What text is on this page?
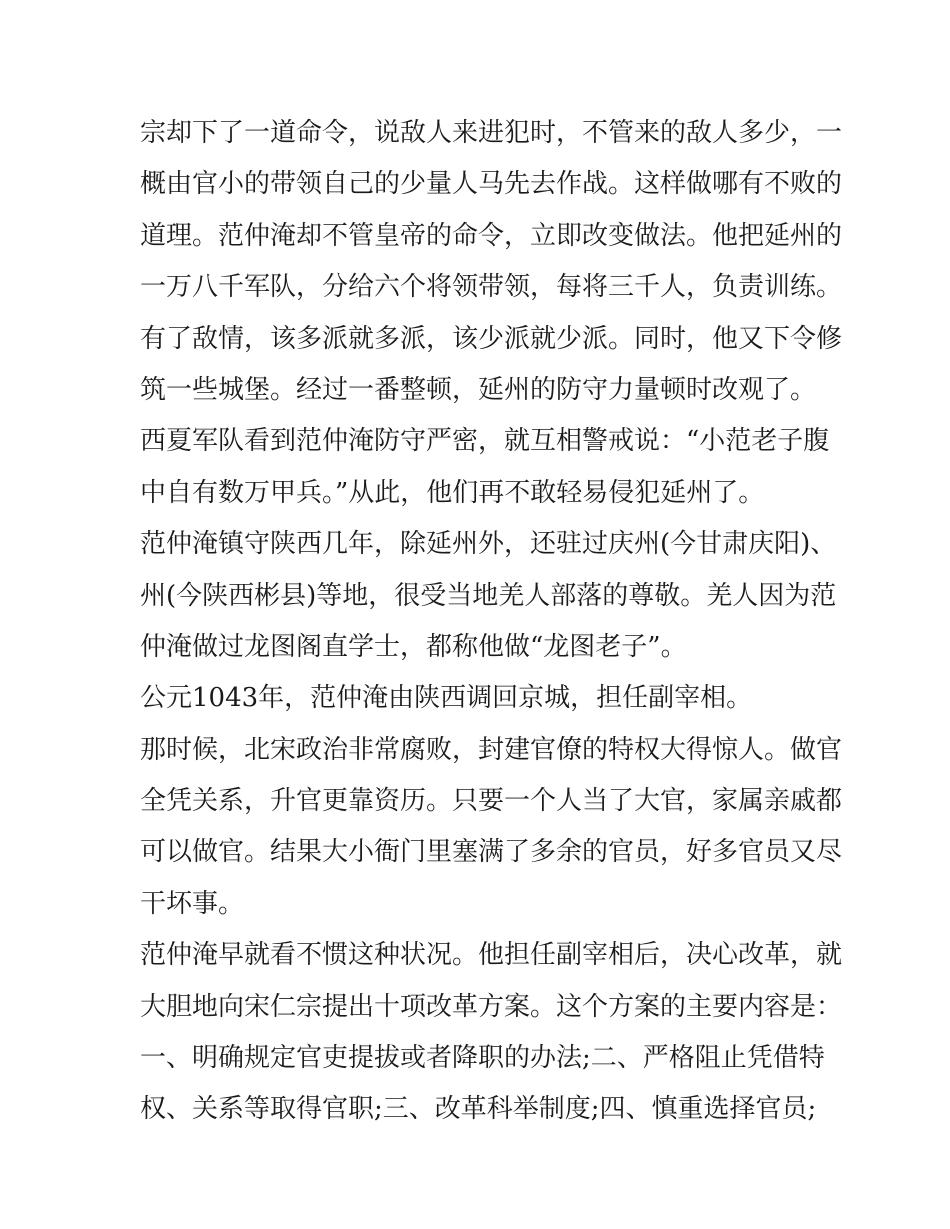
宗却下了一道命令，说敌人来进犯时，不管来的敌人多少，一
概由官小的带领自己的少量人马先去作战。这样做哪有不败的
道理。范仲淹却不管皇帝的命令，立即改变做法。他把延州的
一万八千军队，分给六个将领带领，每将三千人，负责训练。
有了敌情，该多派就多派，该少派就少派。同时，他又下令修
筑一些城堡。经过一番整顿，延州的防守力量顿时改观了。
西夏军队看到范仲淹防守严密，就互相警戒说：“小范老子腹
中自有数万甲兵。”从此，他们再不敢轻易侵犯延州了。
范仲淹镇守陕西几年，除延州外，还驻过庆州(今甘肃庆阳)、
州(今陕西彬县)等地，很受当地羌人部落的尊敬。羌人因为范
仲淹做过龙图阁直学士，都称他做“龙图老子”。
公元1043年，范仲淹由陕西调回京城，担任副宰相。
那时候，北宋政治非常腐败，封建官僚的特权大得惊人。做官
全凭关系，升官更靠资历。只要一个人当了大官，家属亲戚都
可以做官。结果大小衙门里塞满了多余的官员，好多官员又尽
干坏事。
范仲淹早就看不惯这种状况。他担任副宰相后，决心改革，就
大胆地向宋仁宗提出十项改革方案。这个方案的主要内容是：
一、明确规定官吏提拔或者降职的办法;二、严格阻止凭借特
权、关系等取得官职;三、改革科举制度;四、慎重选择官员;
